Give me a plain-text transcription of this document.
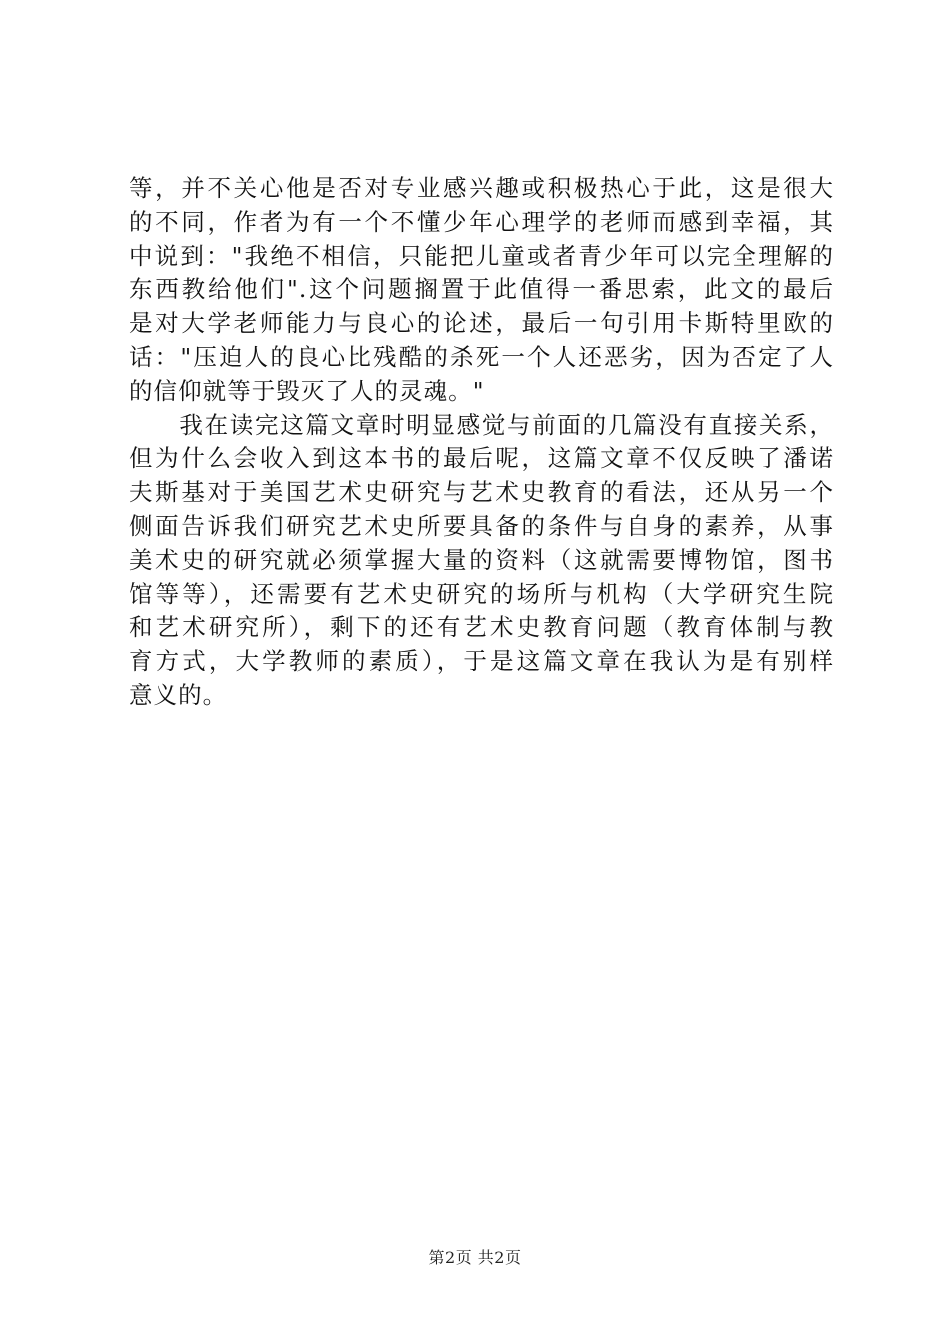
等，并不关心他是否对专业感兴趣或积极热心于此，这是很大
的不同，作者为有一个不懂少年心理学的老师而感到幸福，其
中说到："我绝不相信，只能把儿童或者青少年可以完全理解的
东西教给他们".这个问题搁置于此值得一番思索，此文的最后
是对大学老师能力与良心的论述，最后一句引用卡斯特里欧的
话："压迫人的良心比残酷的杀死一个人还恶劣，因为否定了人
的信仰就等于毁灭了人的灵魂。"
　　我在读完这篇文章时明显感觉与前面的几篇没有直接关系，
但为什么会收入到这本书的最后呢，这篇文章不仅反映了潘诺
夫斯基对于美国艺术史研究与艺术史教育的看法，还从另一个
侧面告诉我们研究艺术史所要具备的条件与自身的素养，从事
美术史的研究就必须掌握大量的资料（这就需要博物馆，图书
馆等等），还需要有艺术史研究的场所与机构（大学研究生院
和艺术研究所），剩下的还有艺术史教育问题（教育体制与教
育方式，大学教师的素质），于是这篇文章在我认为是有别样
意义的。
第2页 共2页
